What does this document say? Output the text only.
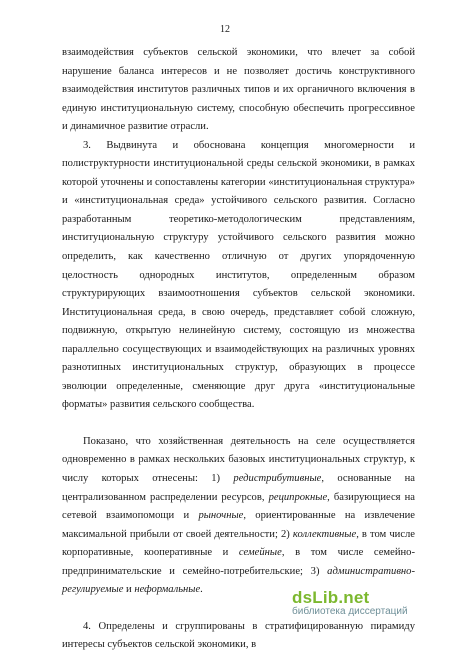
12

взаимодействия субъектов сельской экономики, что влечет за собой нарушение баланса интересов и не позволяет достичь конструктивного взаимодействия институтов различных типов и их органичного включения в единую институциональную систему, способную обеспечить прогрессивное и динамичное развитие отрасли.

3. Выдвинута и обоснована концепция многомерности и полиструктурности институциональной среды сельской экономики, в рамках которой уточнены и сопоставлены категории «институциональная структура» и «институциональная среда» устойчивого сельского развития. Согласно разработанным теоретико-методологическим представлениям, институциональную структуру устойчивого сельского развития можно определить, как качественно отличную от других упорядоченную целостность однородных институтов, определенным образом структурирующих взаимоотношения субъектов сельской экономики. Институциональная среда, в свою очередь, представляет собой сложную, подвижную, открытую нелинейную систему, состоящую из множества параллельно сосуществующих и взаимодействующих на различных уровнях разнотипных институциональных структур, образующих в процессе эволюции определенные, сменяющие друг друга «институциональные форматы» развития сельского сообщества.

Показано, что хозяйственная деятельность на селе осуществляется одновременно в рамках нескольких базовых институциональных структур, к числу которых отнесены: 1) редистрибутивные, основанные на централизованном распределении ресурсов, реципрокные, базирующиеся на сетевой взаимопомощи и рыночные, ориентированные на извлечение максимальной прибыли от своей деятельности; 2) коллективные, в том числе корпоративные, кооперативные и семейные, в том числе семейно-предпринимательские и семейно-потребительские; 3) административно-регулируемые и неформальные.

4. Определены и сгруппированы в стратифицированную пирамиду интересы субъектов сельской экономики, в

dsLib.net
библиотека диссертаций
